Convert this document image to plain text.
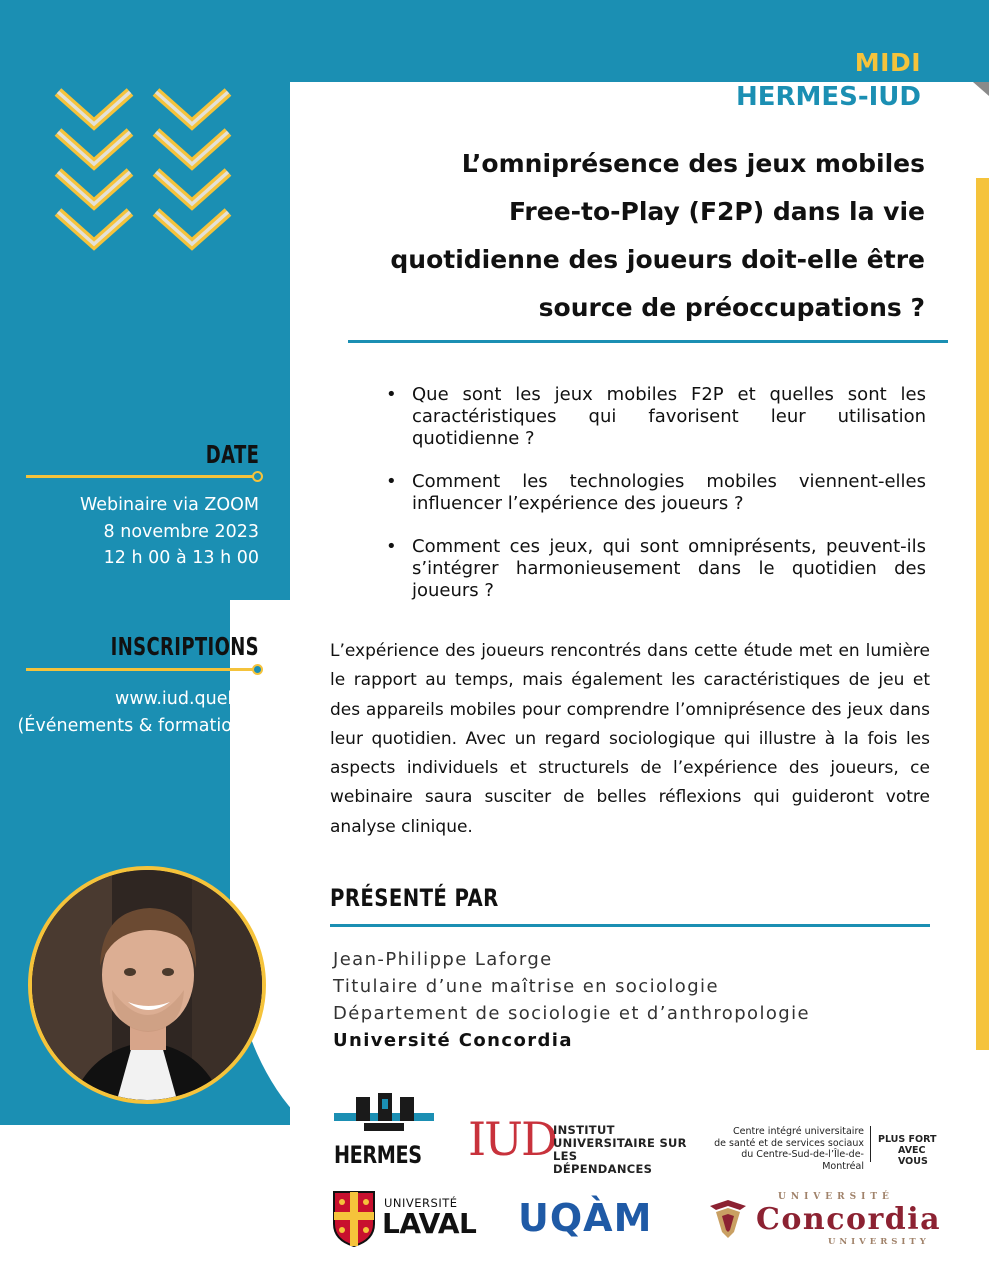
MIDI
HERMES-IUD
L’omniprésence des jeux mobiles
Free-to-Play (F2P) dans la vie
quotidienne des joueurs doit-elle être
source de préoccupations ?
• Que sont les jeux mobiles F2P et quelles sont les caractéristiques qui favorisent leur utilisation quotidienne ?
• Comment les technologies mobiles viennent-elles influencer l’expérience des joueurs ?
• Comment ces jeux, qui sont omniprésents, peuvent-ils s’intégrer harmonieusement dans le quotidien des joueurs ?

L’expérience des joueurs rencontrés dans cette étude met en lumière le rapport au temps, mais également les caractéristiques de jeu et des appareils mobiles pour comprendre l’omniprésence des jeux dans leur quotidien. Avec un regard sociologique qui illustre à la fois les aspects individuels et structurels de l’expérience des joueurs, ce webinaire saura susciter de belles réflexions qui guideront votre analyse clinique.

PRÉSENTÉ PAR
Jean-Philippe Laforge
Titulaire d’une maîtrise en sociologie
Département de sociologie et d’anthropologie
Université Concordia
DATE
Webinaire via ZOOM
8 novembre 2023
12 h 00 à 13 h 00
INSCRIPTIONS
www.iud.quebec
(Événements & formations)
HERMES IUD
INSTITUT
UNIVERSITAIRE SUR LES
DÉPENDANCES
Centre intégré universitaire
de santé et de services sociaux
du Centre-Sud-de-l’Île-de-Montréal
PLUS FORT
AVEC VOUS
UNIVERSITÉ
LAVAL UQÀM	UNIVERSITÉ
Concordia
UNIVERSITY
